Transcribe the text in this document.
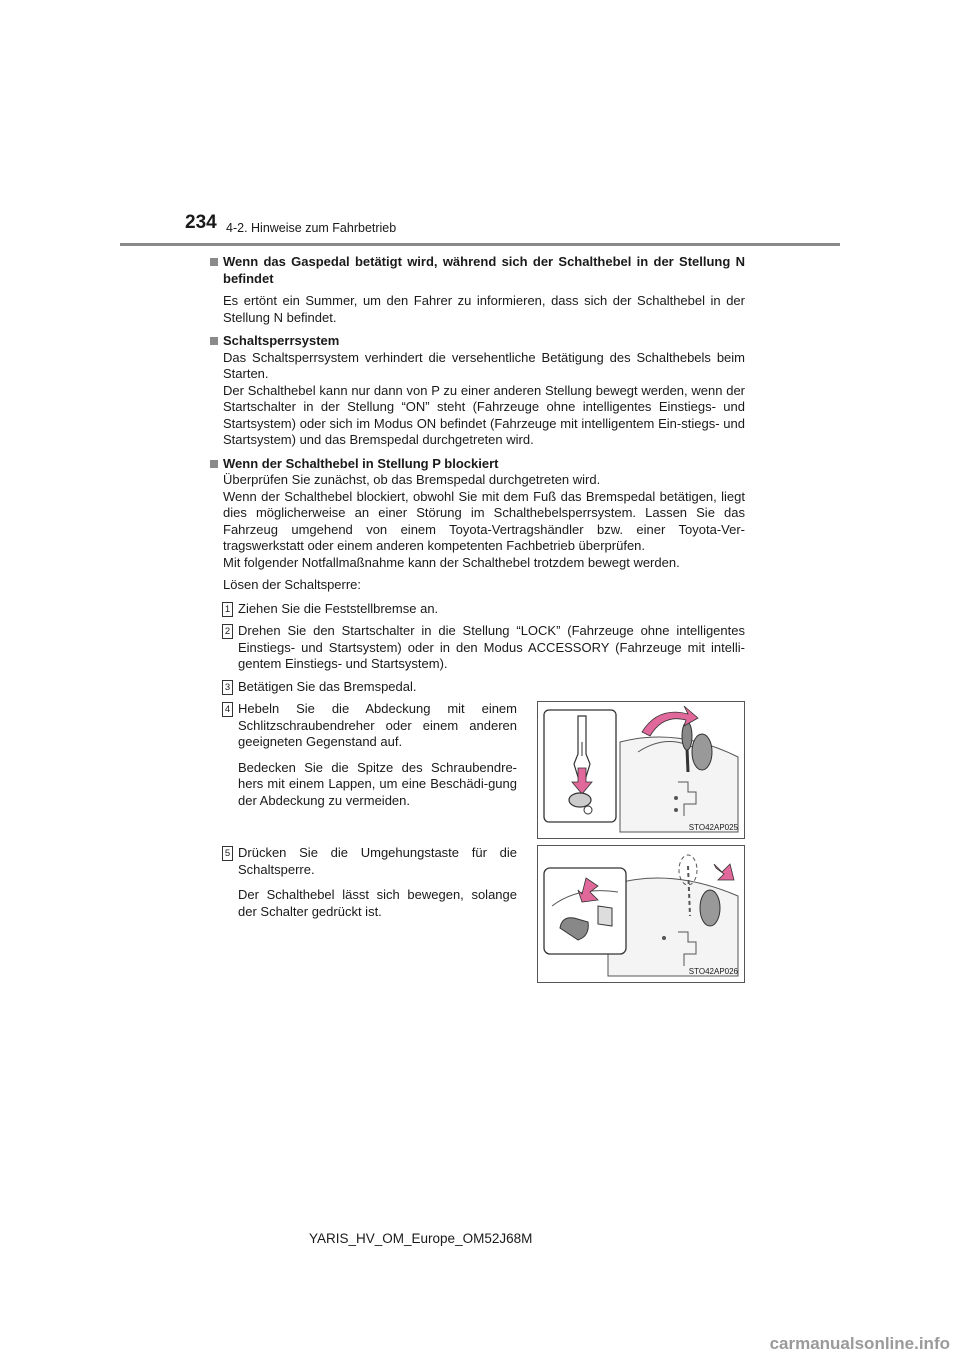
234 4-2. Hinweise zum Fahrbetrieb
Wenn das Gaspedal betätigt wird, während sich der Schalthebel in der Stellung N befindet
Es ertönt ein Summer, um den Fahrer zu informieren, dass sich der Schalthebel in der Stellung N befindet.
Schaltsperrsystem
Das Schaltsperrsystem verhindert die versehentliche Betätigung des Schalthebels beim Starten.
Der Schalthebel kann nur dann von P zu einer anderen Stellung bewegt werden, wenn der Startschalter in der Stellung “ON” steht (Fahrzeuge ohne intelligentes Einstiegs- und Startsystem) oder sich im Modus ON befindet (Fahrzeuge mit intelligentem Ein-stiegs- und Startsystem) und das Bremspedal durchgetreten wird.
Wenn der Schalthebel in Stellung P blockiert
Überprüfen Sie zunächst, ob das Bremspedal durchgetreten wird.
Wenn der Schalthebel blockiert, obwohl Sie mit dem Fuß das Bremspedal betätigen, liegt dies möglicherweise an einer Störung im Schalthebelsperrsystem. Lassen Sie das Fahrzeug umgehend von einem Toyota-Vertragshändler bzw. einer Toyota-Ver-tragswerkstatt oder einem anderen kompetenten Fachbetrieb überprüfen.
Mit folgender Notfallmaßnahme kann der Schalthebel trotzdem bewegt werden.
Lösen der Schaltsperre:
1 Ziehen Sie die Feststellbremse an.
2 Drehen Sie den Startschalter in die Stellung “LOCK” (Fahrzeuge ohne intelligentes Einstiegs- und Startsystem) oder in den Modus ACCESSORY (Fahrzeuge mit intelli-gentem Einstiegs- und Startsystem).
3 Betätigen Sie das Bremspedal.
4 Hebeln Sie die Abdeckung mit einem Schlitzschraubendreher oder einem anderen geeigneten Gegenstand auf.
Bedecken Sie die Spitze des Schraubendre-hers mit einem Lappen, um eine Beschädi-gung der Abdeckung zu vermeiden.
STO42AP025
5 Drücken Sie die Umgehungstaste für die Schaltsperre.
Der Schalthebel lässt sich bewegen, solange der Schalter gedrückt ist.
STO42AP026
YARIS_HV_OM_Europe_OM52J68M
carmanualsonline.info
